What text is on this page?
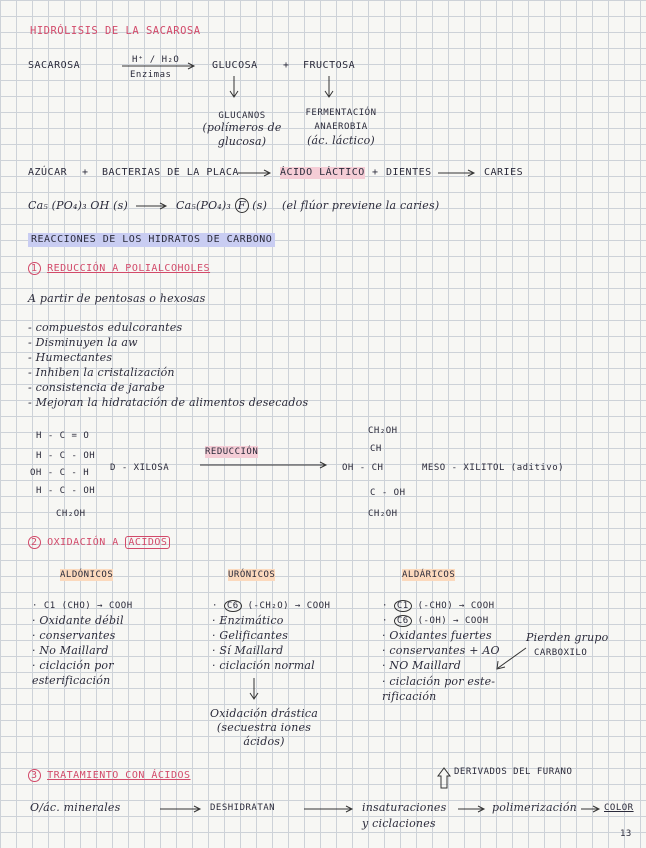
HIDRÓLISIS DE LA SACAROSA
SACAROSA	H⁺ / H₂O
Enzimas
GLUCOSA	+ FRUCTOSA
GLUCANOS
(polímeros de
glucosa)
FERMENTACIÓN
ANAEROBIA
(ác. láctico)
AZÚCAR + BACTERIAS DE LA PLACA	ÁCIDO LÁCTICO + DIENTES	CARIES
Ca₅ (PO₄)₃ OH (s)	Ca₅(PO₄)₃ F (s) (el flúor previene la caries)
REACCIONES DE LOS HIDRATOS DE CARBONO
1 REDUCCIÓN A POLIALCOHOLES
A partir de pentosas o hexosas
- compuestos edulcorantes
- Disminuyen la aw
- Humectantes
- Inhiben la cristalización
- consistencia de jarabe
- Mejoran la hidratación de alimentos desecados
H - C = O
H - C - OH
OH - C - H
H - C - OH
CH₂OH
D - XILOSA
REDUCCIÓN
CH₂OH
CH
OH - CH
C - OH
CH₂OH
MESO - XILITOL (aditivo)
2 OXIDACIÓN A ÁCIDOS
ALDÓNICOS
· C1 (CHO) → COOH
· Oxidante débil
· conservantes
· No Maillard
· ciclación por
esterificación
URÓNICOS
· C6 (-CH₂O) → COOH
· Enzimático
· Gelificantes
· Sí Maillard
· ciclación normal
Oxidación drástica
(secuestra iones
ácidos)
ALDÁRICOS
· C1 (-CHO) → COOH
· C6 (-OH) → COOH
· Oxidantes fuertes
· conservantes + AO
· NO Maillard
· ciclación por este-
rificación
Pierden grupo
CARBOXILO
3 TRATAMIENTO CON ÁCIDOS	DERIVADOS DEL FURANO
O/ác. minerales	DESHIDRATAN	insaturaciones
y ciclaciones
polimerización	COLOR
13
